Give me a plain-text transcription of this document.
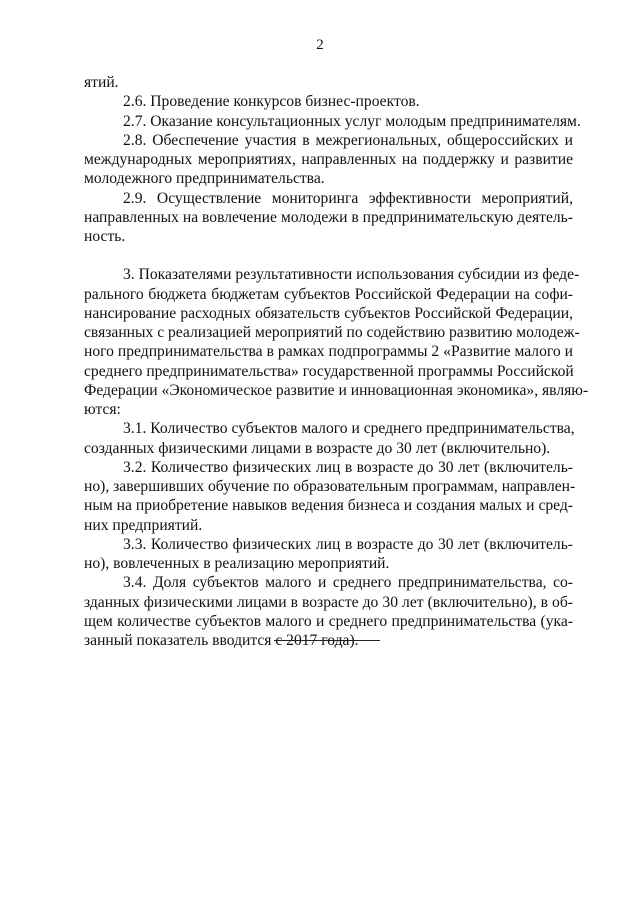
2
ятий.
2.6. Проведение конкурсов бизнес-проектов.
2.7. Оказание консультационных услуг молодым предпринимателям.
2.8. Обеспечение участия в межрегиональных, общероссийских и
международных мероприятиях, направленных на поддержку и развитие
молодежного предпринимательства.
2.9. Осуществление мониторинга эффективности мероприятий,
направленных на вовлечение молодежи в предпринимательскую деятель-
ность.
3. Показателями результативности использования субсидии из феде-
рального бюджета бюджетам субъектов Российской Федерации на софи-
нансирование расходных обязательств субъектов Российской Федерации,
связанных с реализацией мероприятий по содействию развитию молодеж-
ного предпринимательства в рамках подпрограммы 2 «Развитие малого и
среднего предпринимательства» государственной программы Российской
Федерации «Экономическое развитие и инновационная экономика», являю-
ются:
3.1. Количество субъектов малого и среднего предпринимательства,
созданных физическими лицами в возрасте до 30 лет (включительно).
3.2. Количество физических лиц в возрасте до 30 лет (включитель-
но), завершивших обучение по образовательным программам, направлен-
ным на приобретение навыков ведения бизнеса и создания малых и сред-
них предприятий.
3.3. Количество физических лиц в возрасте до 30 лет (включитель-
но), вовлеченных в реализацию мероприятий.
3.4. Доля субъектов малого и среднего предпринимательства, со-
зданных физическими лицами в возрасте до 30 лет (включительно), в об-
щем количестве субъектов малого и среднего предпринимательства (ука-
занный показатель вводится с 2017 года).
